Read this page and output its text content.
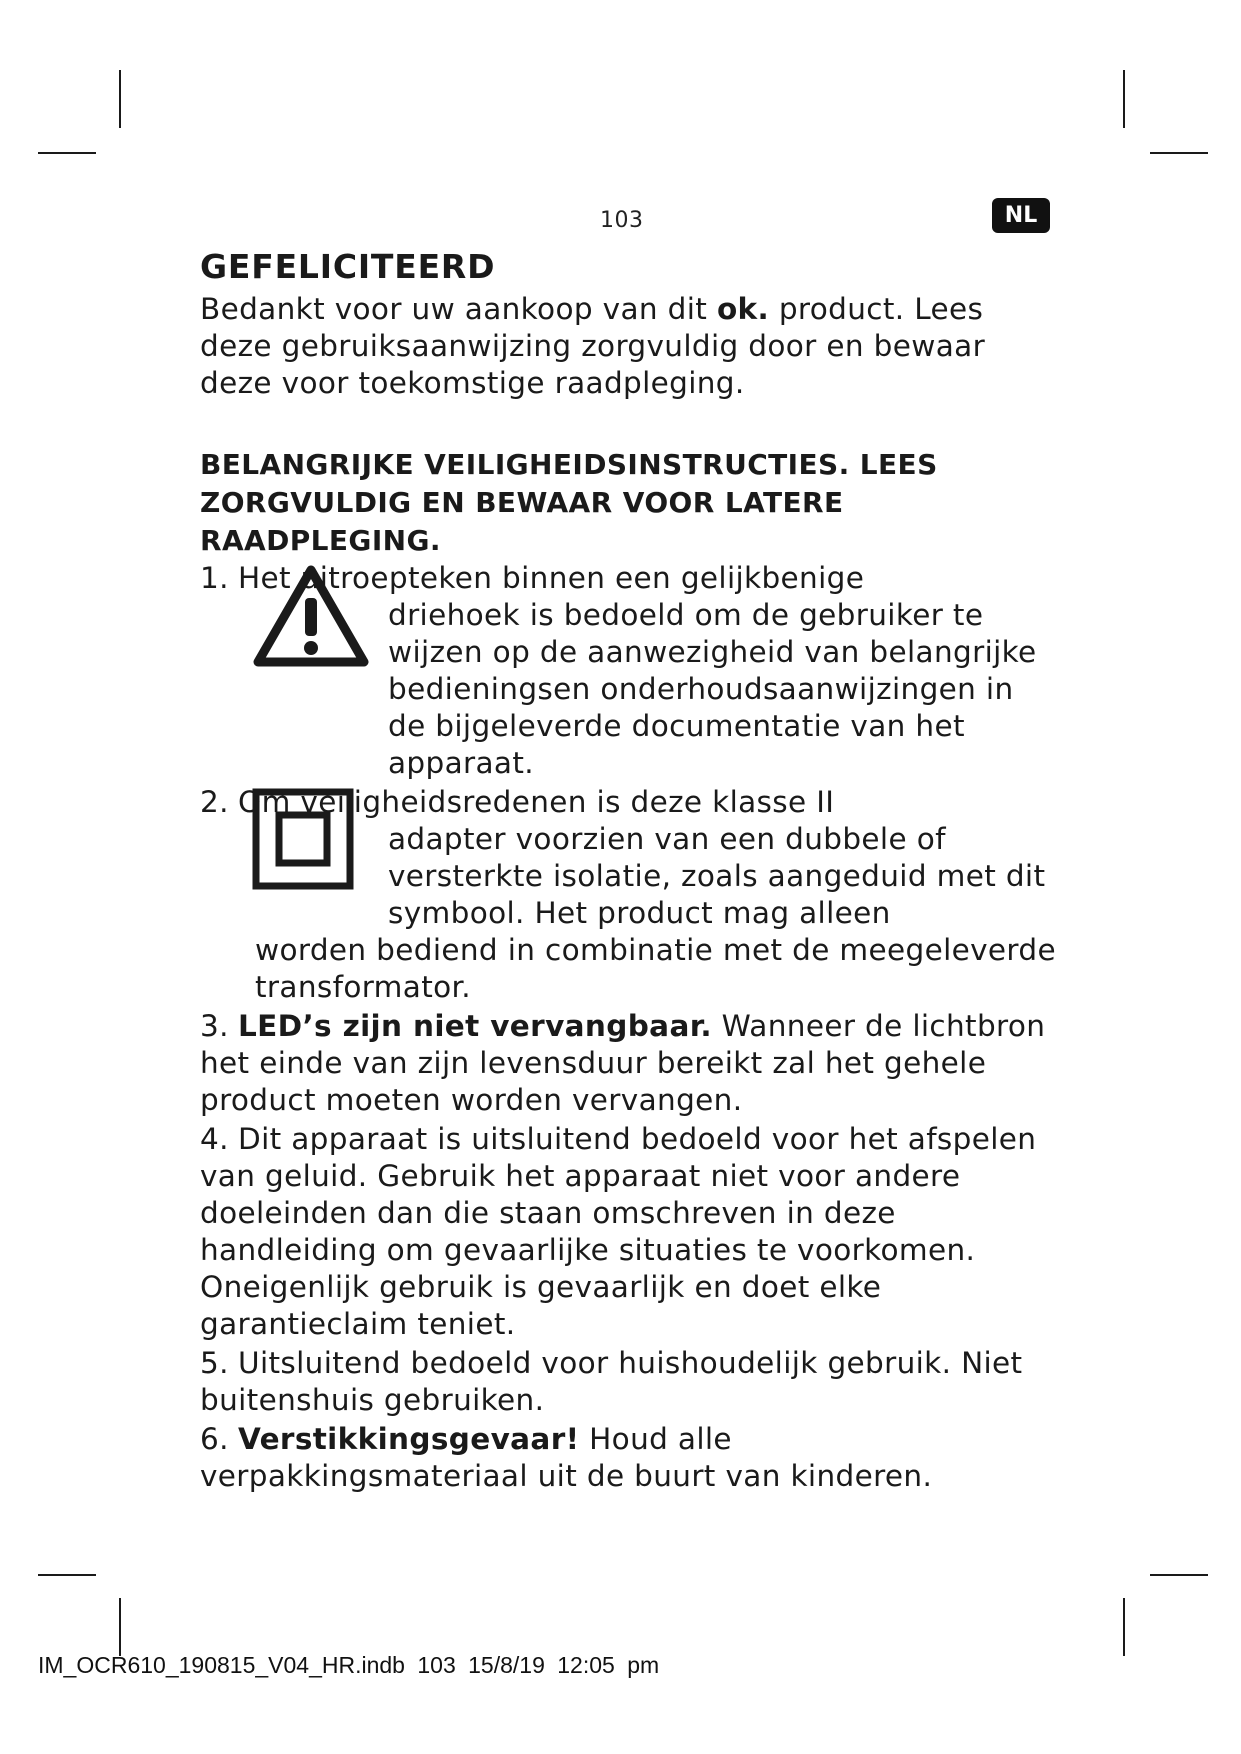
103	NL
GEFELICITEERD

Bedankt voor uw aankoop van dit ok. product. Lees deze gebruiksaanwijzing zorgvuldig door en bewaar deze voor toekomstige raadpleging.

BELANGRIJKE VEILIGHEIDSINSTRUCTIES. LEES ZORGVULDIG EN BEWAAR VOOR LATERE RAADPLEGING.
1. Het uitroepteken binnen een gelijkbenige
driehoek is bedoeld om de gebruiker te wijzen op de aanwezigheid van belangrijke bedieningsen onderhoudsaanwijzingen in de bijgeleverde documentatie van het apparaat.
2. Om veiligheidsredenen is deze klasse II
adapter voorzien van een dubbele of versterkte isolatie, zoals aangeduid met dit symbool. Het product mag alleen
worden bediend in combinatie met de meegeleverde transformator.
3. LED’s zijn niet vervangbaar. Wanneer de lichtbron het einde van zijn levensduur bereikt zal het gehele product moeten worden vervangen.
4. Dit apparaat is uitsluitend bedoeld voor het afspelen van geluid. Gebruik het apparaat niet voor andere doeleinden dan die staan omschreven in deze handleiding om gevaarlijke situaties te voorkomen. Oneigenlijk gebruik is gevaarlijk en doet elke garantieclaim teniet.
5. Uitsluitend bedoeld voor huishoudelijk gebruik. Niet buitenshuis gebruiken.
6. Verstikkingsgevaar! Houd alle verpakkingsmateriaal uit de buurt van kinderen.
IM_OCR610_190815_V04_HR.indb 103 15/8/19 12:05 pm
